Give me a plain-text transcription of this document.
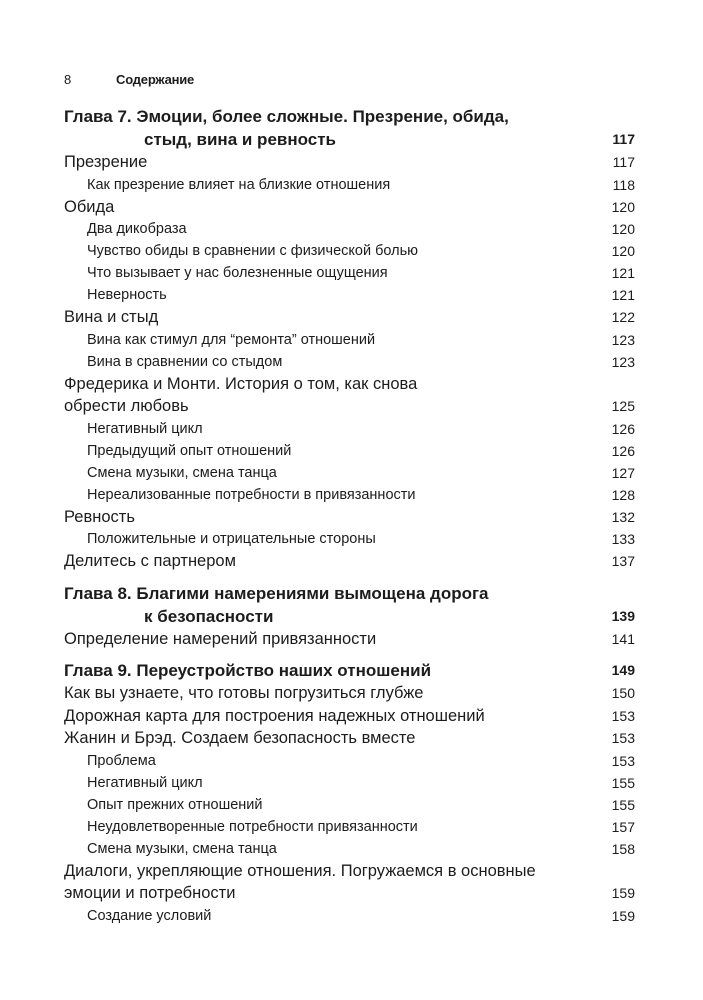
8	Содержание
Глава 7. Эмоции, более сложные. Презрение, обида,
стыд, вина и ревность	117
Презрение	117
Как презрение влияет на близкие отношения	118
Обида	120
Два дикобраза	120
Чувство обиды в сравнении с физической болью	120
Что вызывает у нас болезненные ощущения	121
Неверность	121
Вина и стыд	122
Вина как стимул для “ремонта” отношений	123
Вина в сравнении со стыдом	123
Фредерика и Монти. История о том, как снова
обрести любовь	125
Негативный цикл	126
Предыдущий опыт отношений	126
Смена музыки, смена танца	127
Нереализованные потребности в привязанности	128
Ревность	132
Положительные и отрицательные стороны	133
Делитесь с партнером	137
Глава 8. Благими намерениями вымощена дорога
к безопасности	139
Определение намерений привязанности	141
Глава 9. Переустройство наших отношений	149
Как вы узнаете, что готовы погрузиться глубже	150
Дорожная карта для построения надежных отношений	153
Жанин и Брэд. Создаем безопасность вместе	153
Проблема	153
Негативный цикл	155
Опыт прежних отношений	155
Неудовлетворенные потребности привязанности	157
Смена музыки, смена танца	158
Диалоги, укрепляющие отношения. Погружаемся в основные
эмоции и потребности	159
Создание условий	159
